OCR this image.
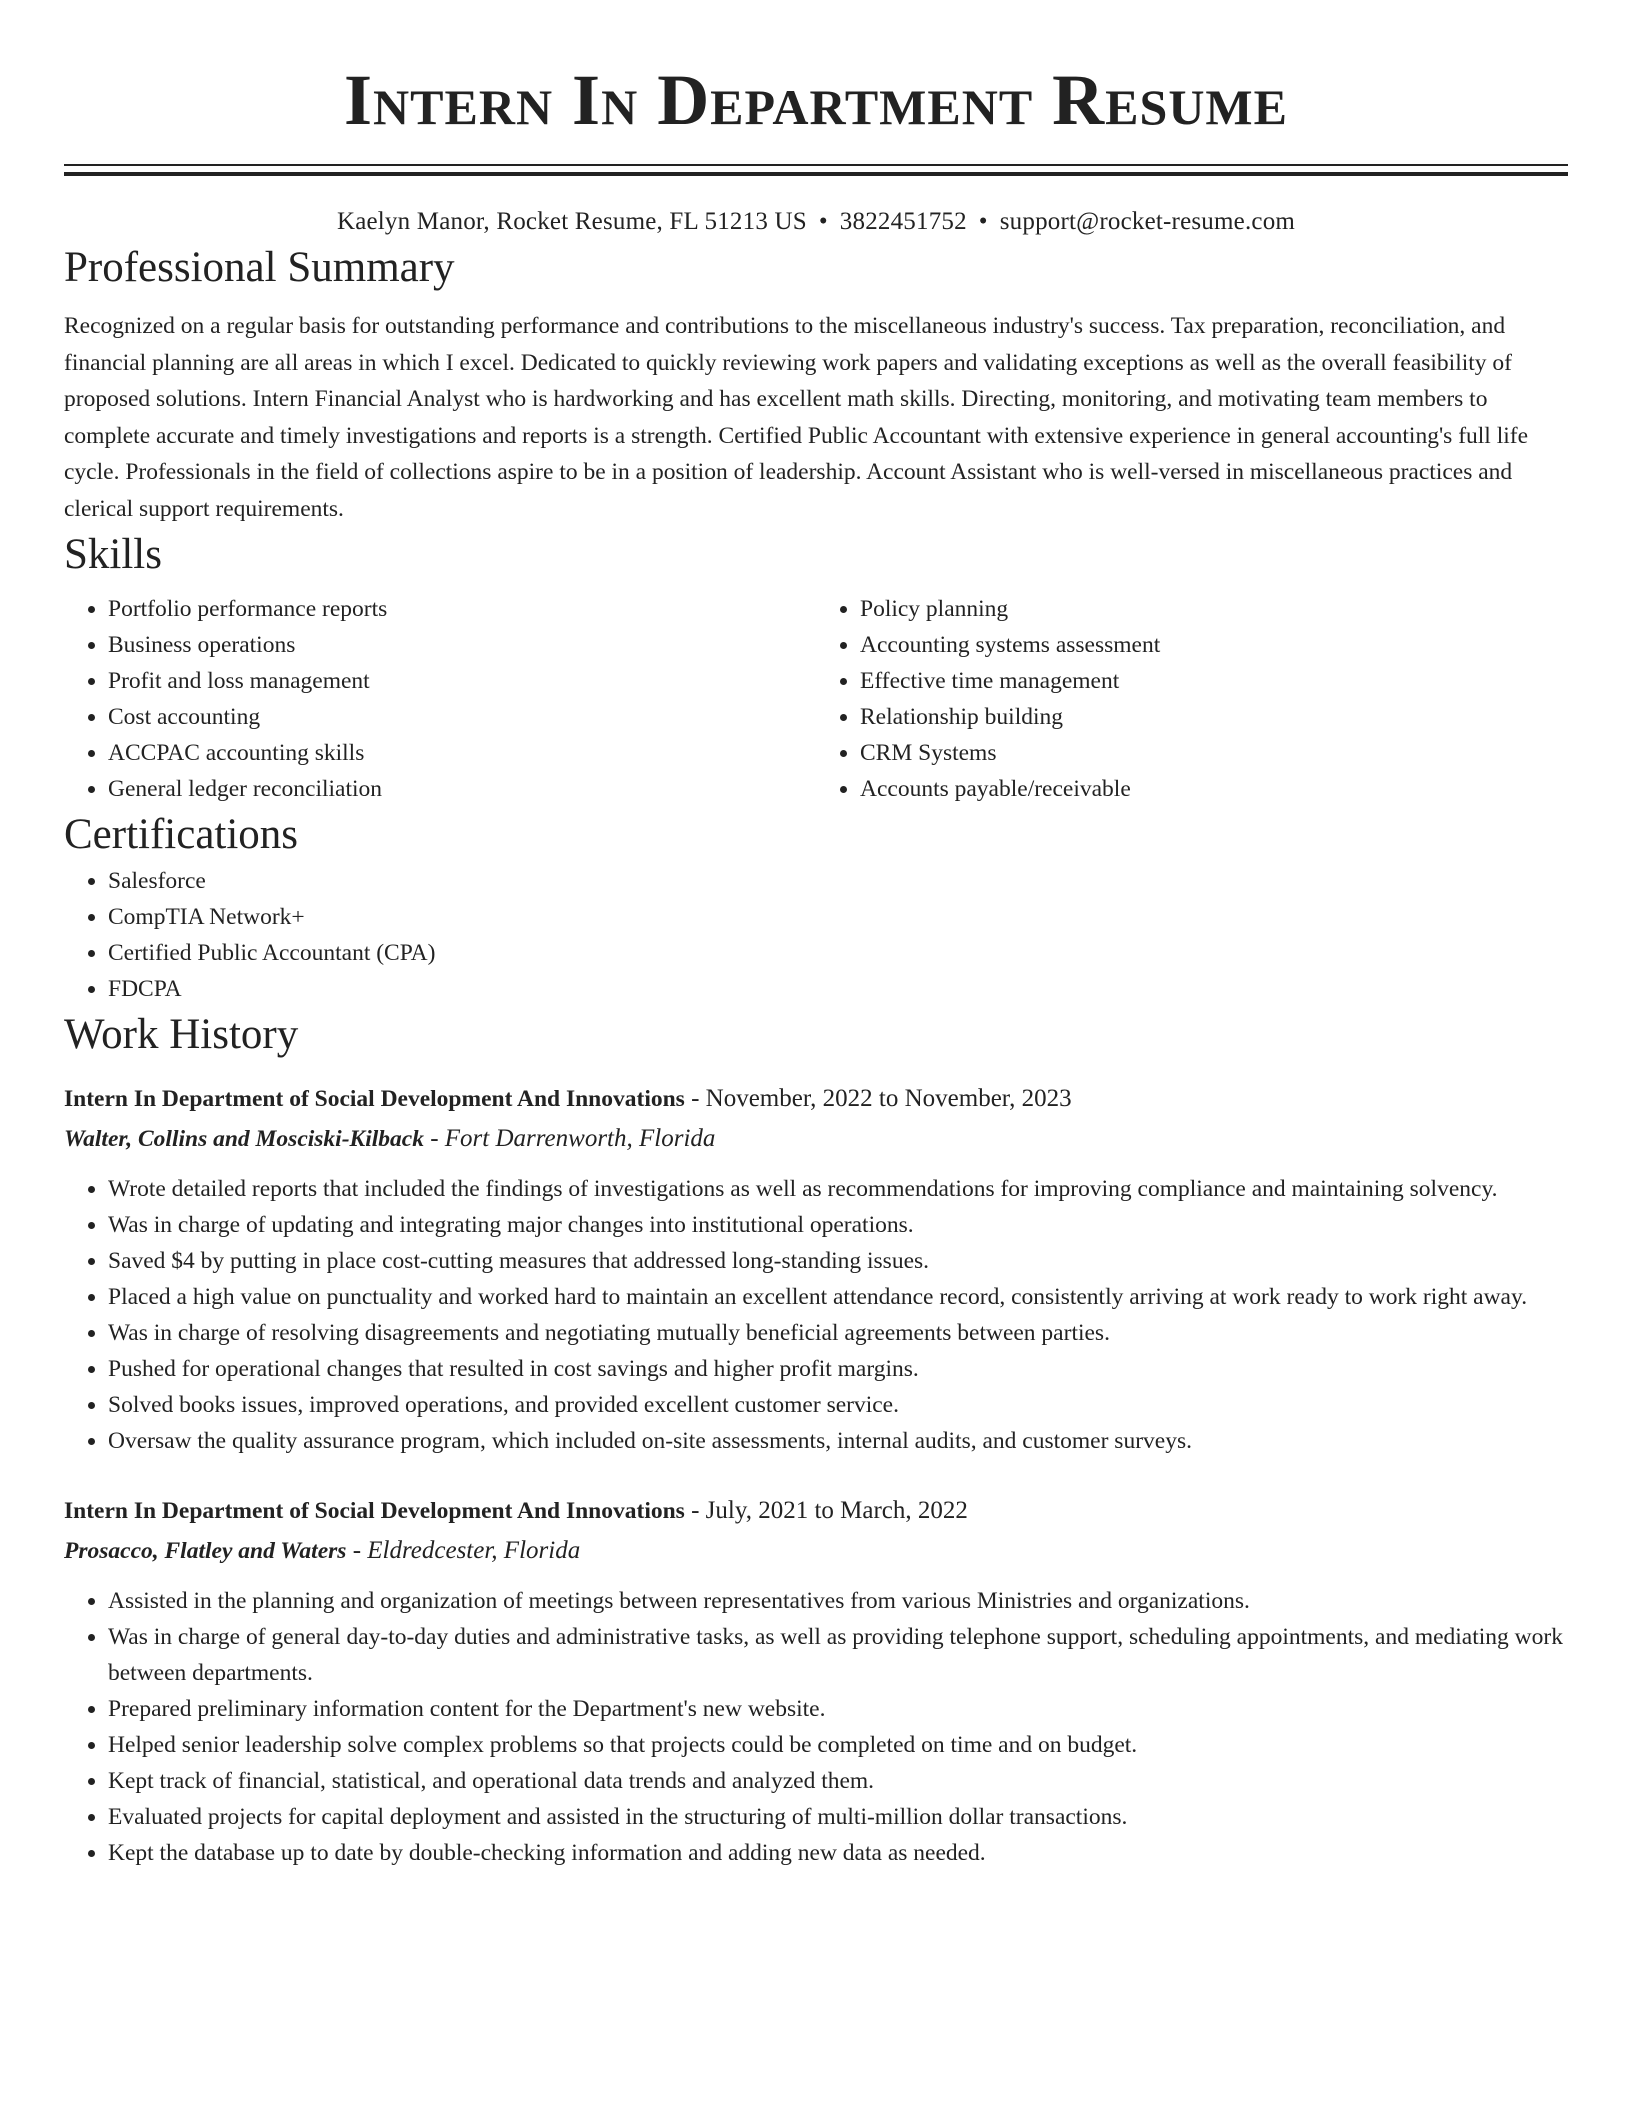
Intern In Department Resume
Kaelyn Manor, Rocket Resume, FL 51213 US • 3822451752 • support@rocket-resume.com
Professional Summary

Recognized on a regular basis for outstanding performance and contributions to the miscellaneous industry's success. Tax preparation, reconciliation, and financial planning are all areas in which I excel. Dedicated to quickly reviewing work papers and validating exceptions as well as the overall feasibility of proposed solutions. Intern Financial Analyst who is hardworking and has excellent math skills. Directing, monitoring, and motivating team members to complete accurate and timely investigations and reports is a strength. Certified Public Accountant with extensive experience in general accounting's full life cycle. Professionals in the field of collections aspire to be in a position of leadership. Account Assistant who is well-versed in miscellaneous practices and clerical support requirements.

Skills
• Portfolio performance reports
• Business operations
• Profit and loss management
• Cost accounting
• ACCPAC accounting skills
• General ledger reconciliation
• Policy planning
• Accounting systems assessment
• Effective time management
• Relationship building
• CRM Systems
• Accounts payable/receivable
Certifications
• Salesforce
• CompTIA Network+
• Certified Public Accountant (CPA)
• FDCPA
Work History
Intern In Department of Social Development And Innovations - November, 2022 to November, 2023
Walter, Collins and Mosciski-Kilback - Fort Darrenworth, Florida
• Wrote detailed reports that included the findings of investigations as well as recommendations for improving compliance and maintaining solvency.
• Was in charge of updating and integrating major changes into institutional operations.
• Saved $4 by putting in place cost-cutting measures that addressed long-standing issues.
• Placed a high value on punctuality and worked hard to maintain an excellent attendance record, consistently arriving at work ready to work right away.
• Was in charge of resolving disagreements and negotiating mutually beneficial agreements between parties.
• Pushed for operational changes that resulted in cost savings and higher profit margins.
• Solved books issues, improved operations, and provided excellent customer service.
• Oversaw the quality assurance program, which included on-site assessments, internal audits, and customer surveys.
Intern In Department of Social Development And Innovations - July, 2021 to March, 2022
Prosacco, Flatley and Waters - Eldredcester, Florida
• Assisted in the planning and organization of meetings between representatives from various Ministries and organizations.
• Was in charge of general day-to-day duties and administrative tasks, as well as providing telephone support, scheduling appointments, and mediating work between departments.
• Prepared preliminary information content for the Department's new website.
• Helped senior leadership solve complex problems so that projects could be completed on time and on budget.
• Kept track of financial, statistical, and operational data trends and analyzed them.
• Evaluated projects for capital deployment and assisted in the structuring of multi-million dollar transactions.
• Kept the database up to date by double-checking information and adding new data as needed.
